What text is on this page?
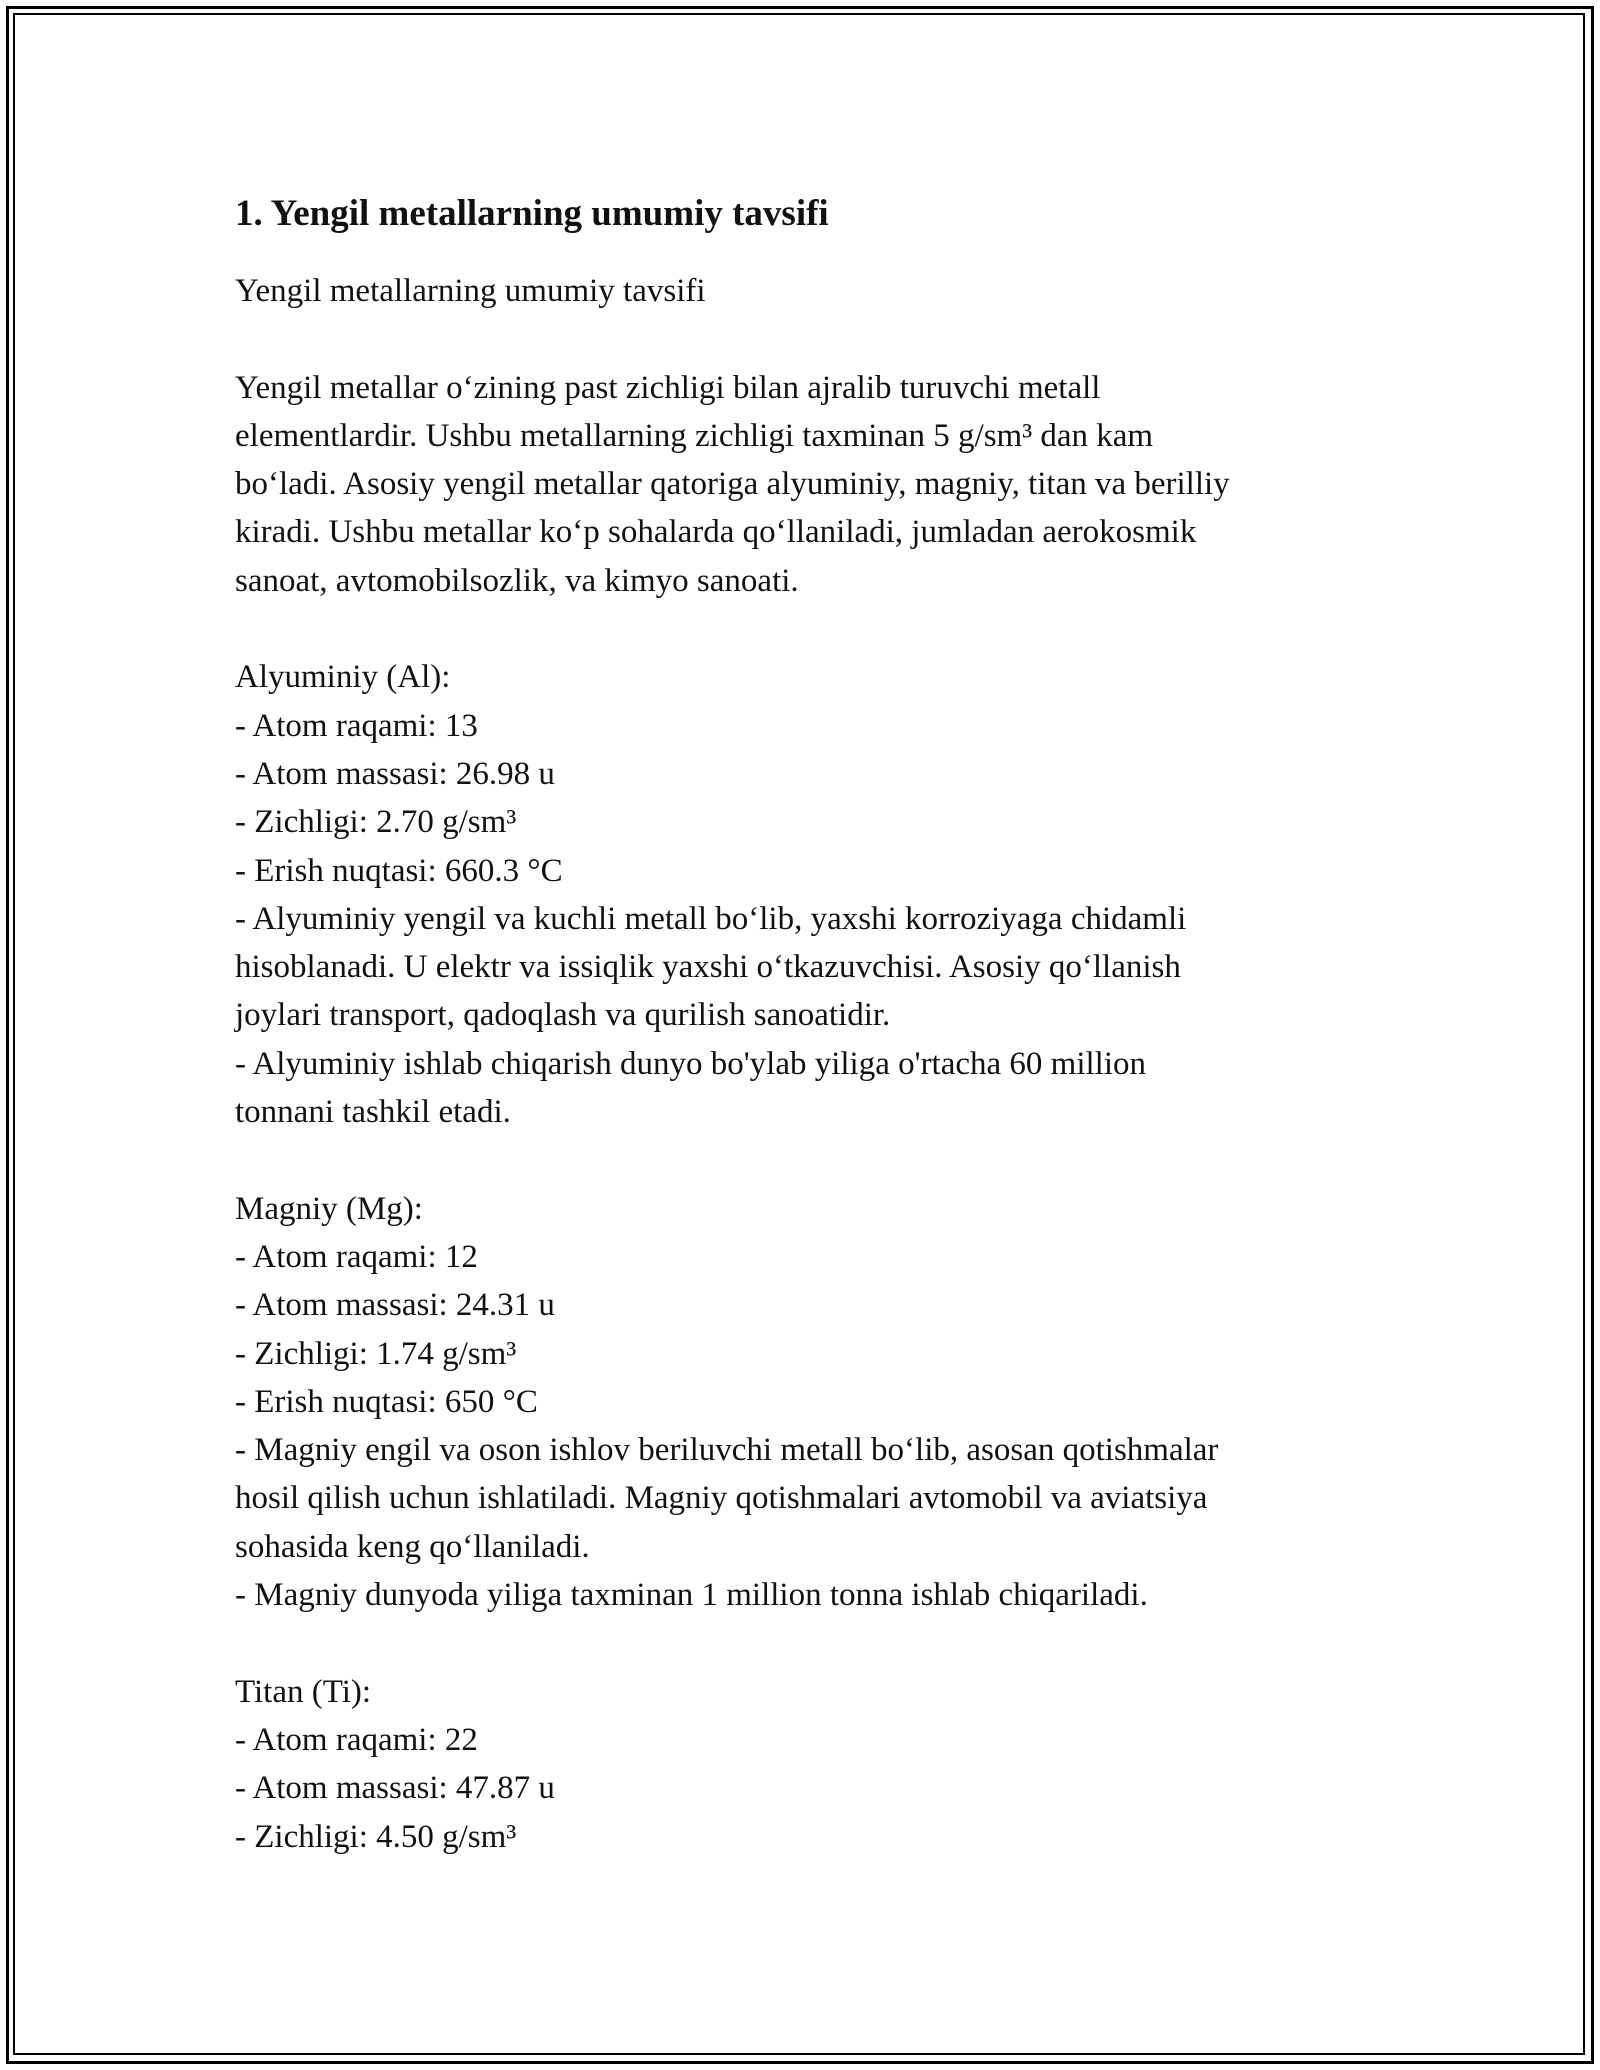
1. Yengil metallarning umumiy tavsifi

Yengil metallarning umumiy tavsifi

Yengil metallar o‘zining past zichligi bilan ajralib turuvchi metall
elementlardir. Ushbu metallarning zichligi taxminan 5 g/sm³ dan kam
bo‘ladi. Asosiy yengil metallar qatoriga alyuminiy, magniy, titan va berilliy
kiradi. Ushbu metallar ko‘p sohalarda qo‘llaniladi, jumladan aerokosmik
sanoat, avtomobilsozlik, va kimyo sanoati.

Alyuminiy (Al):

- Atom raqami: 13

- Atom massasi: 26.98 u

- Zichligi: 2.70 g/sm³

- Erish nuqtasi: 660.3 °C

- Alyuminiy yengil va kuchli metall bo‘lib, yaxshi korroziyaga chidamli
hisoblanadi. U elektr va issiqlik yaxshi o‘tkazuvchisi. Asosiy qo‘llanish
joylari transport, qadoqlash va qurilish sanoatidir.

- Alyuminiy ishlab chiqarish dunyo bo'ylab yiliga o'rtacha 60 million
tonnani tashkil etadi.

Magniy (Mg):

- Atom raqami: 12

- Atom massasi: 24.31 u

- Zichligi: 1.74 g/sm³

- Erish nuqtasi: 650 °C

- Magniy engil va oson ishlov beriluvchi metall bo‘lib, asosan qotishmalar
hosil qilish uchun ishlatiladi. Magniy qotishmalari avtomobil va aviatsiya
sohasida keng qo‘llaniladi.

- Magniy dunyoda yiliga taxminan 1 million tonna ishlab chiqariladi.

Titan (Ti):

- Atom raqami: 22

- Atom massasi: 47.87 u

- Zichligi: 4.50 g/sm³
